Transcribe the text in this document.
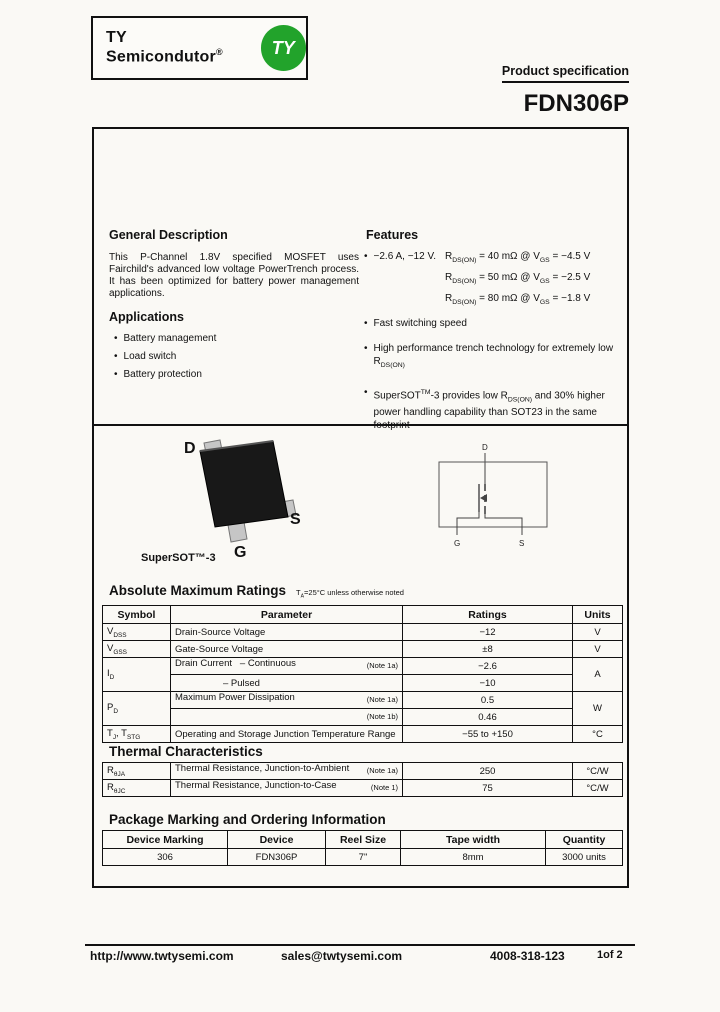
TY Semicondutor®	TY
Product specification
FDN306P
General Description
This P-Channel 1.8V specified MOSFET uses Fairchild's advanced low voltage PowerTrench process. It has been optimized for battery power management applications.
Applications
• Battery management
• Load switch
• Battery protection
Features
• −2.6 A, −12 V. $R_{DS(ON)} = 40$ mΩ @ $V_{GS} = -4.5$ V
$R_{DS(ON)} = 50$ mΩ @ $V_{GS} = -2.5$ V
$R_{DS(ON)} = 80$ mΩ @ $V_{GS} = -1.8$ V
• Fast switching speed
• High performance trench technology for extremely low $R_{DS(ON)}$
• SuperSOT™-3 provides low $R_{DS(ON)}$ and 30% higher power handling capability than SOT23 in the same footprint
D
S
G
SuperSOT™-3
D
G	S
Absolute Maximum Ratings $T_A=25^\circ C$ unless otherwise noted
Symbol	Parameter	Ratings	Units
$V_{DSS}$	Drain-Source Voltage	−12	V
$V_{GSS}$	Gate-Source Voltage	±8	V
$I_D$	Drain Current   – Continuous (Note 1a)	−2.6	A
	– Pulsed	−10	
$P_D$	Maximum Power Dissipation (Note 1a)	0.5	W

	(Note 1b)	0.46	
$T_J$, $T_{STG}$	Operating and Storage Junction Temperature Range	−55 to +150	°C
Thermal Characteristics
$R_{\theta JA}$	Thermal Resistance, Junction-to-Ambient (Note 1a)	250	°C/W
$R_{\theta JC}$	Thermal Resistance, Junction-to-Case (Note 1)	75	°C/W
Package Marking and Ordering Information
Device Marking	Device	Reel Size	Tape width	Quantity
306	FDN306P	7"	8mm	3000 units
http://www.twtysemi.com	sales@twtysemi.com	4008-318-123	1of 2
